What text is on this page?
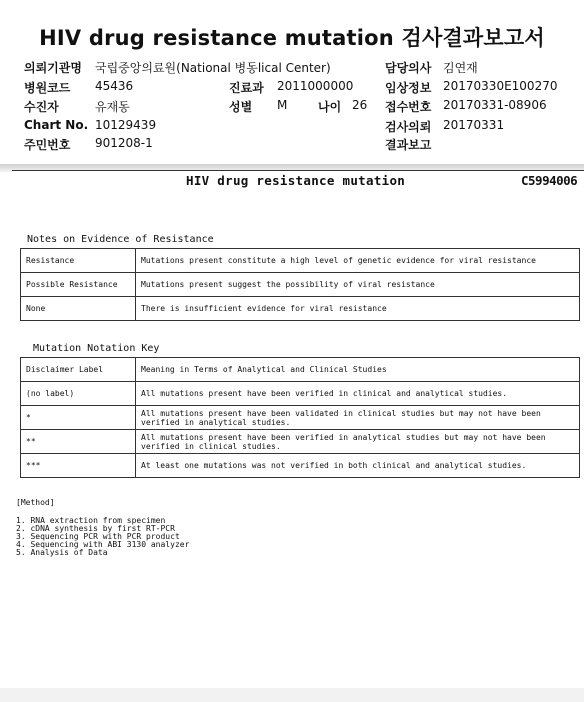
HIV drug resistance mutation 검사결과보고서
의뢰기관명 국립중앙의료원(National 병동lical Center)
병원코드 45436
수진자	유재동
Chart No. 10129439
주민번호 901208-1
진료과 2011000000
성별 M	나이 26
담당의사 김연재
임상정보 20170330E100270
접수번호 20170331-08906
검사의뢰 20170331
결과보고
HIV drug resistance mutation	C5994006
Notes on Evidence of Resistance
Resistance	Mutations present constitute a high level of genetic evidence for viral resistance
Possible Resistance	Mutations present suggest the possibility of viral resistance
None	There is insufficient evidence for viral resistance
Mutation Notation Key
Disclaimer Label	Meaning in Terms of Analytical and Clinical Studies
(no label)	All mutations present have been verified in clinical and analytical studies.
*	All mutations present have been validated in clinical studies but may not have been verified in analytical studies.
**	All mutations present have been verified in analytical studies but may not have been verified in clinical studies.
***	At least one mutations was not verified in both clinical and analytical studies.
[Method]
1. RNA extraction from specimen
2. cDNA synthesis by first RT-PCR
3. Sequencing PCR with PCR product
4. Sequencing with ABI 3130 analyzer
5. Analysis of Data
